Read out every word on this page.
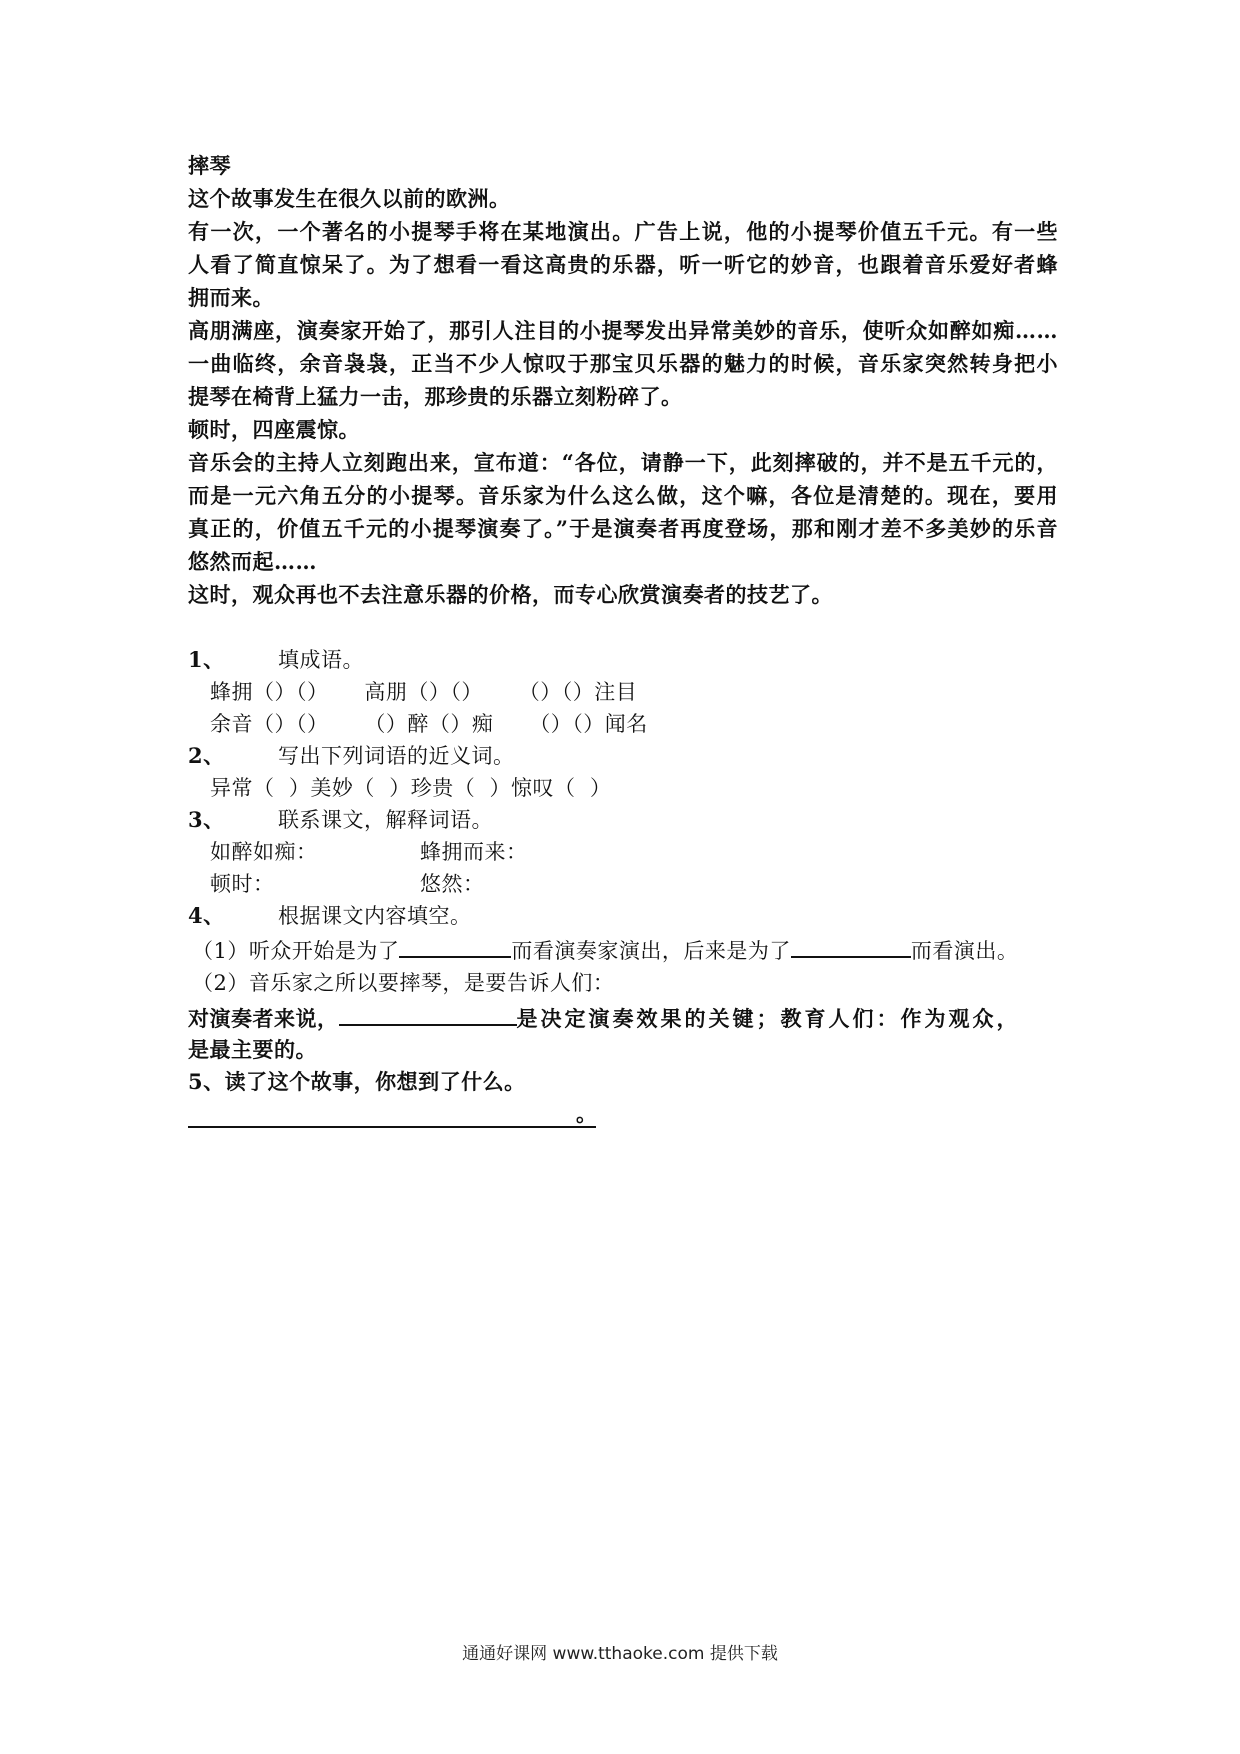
摔琴
这个故事发生在很久以前的欧洲。
有一次，一个著名的小提琴手将在某地演出。广告上说，他的小提琴价值五千元。有一些
人看了简直惊呆了。为了想看一看这高贵的乐器，听一听它的妙音，也跟着音乐爱好者蜂
拥而来。
高朋满座，演奏家开始了，那引人注目的小提琴发出异常美妙的音乐，使听众如醉如痴……
一曲临终，余音袅袅，正当不少人惊叹于那宝贝乐器的魅力的时候，音乐家突然转身把小
提琴在椅背上猛力一击，那珍贵的乐器立刻粉碎了。
顿时，四座震惊。
音乐会的主持人立刻跑出来，宣布道：“各位，请静一下，此刻摔破的，并不是五千元的，
而是一元六角五分的小提琴。音乐家为什么这么做，这个嘛，各位是清楚的。现在，要用
真正的，价值五千元的小提琴演奏了。”于是演奏者再度登场，那和刚才差不多美妙的乐音
悠然而起……
这时，观众再也不去注意乐器的价格，而专心欣赏演奏者的技艺了。
1、	填成语。
蜂拥（）（）     高朋（）（）     （）（）注目
余音（）（）     （）醉（）痴     （）（）闻名
2、	写出下列词语的近义词。
异常（  ）美妙（  ）珍贵（  ）惊叹（  ）
3、	联系课文，解释词语。
如醉如痴：	蜂拥而来：
顿时：	悠然：
4、	根据课文内容填空。
（1）听众开始是为了	而看演奏家演出，后来是为了	而看演出。
（2）音乐家之所以要摔琴，是要告诉人们：
对演奏者来说，	是决定演奏效果的关键；教育人们：作为观众，
是最主要的。
5、读了这个故事，你想到了什么。
。
通通好课网 www.tthaoke.com 提供下载
